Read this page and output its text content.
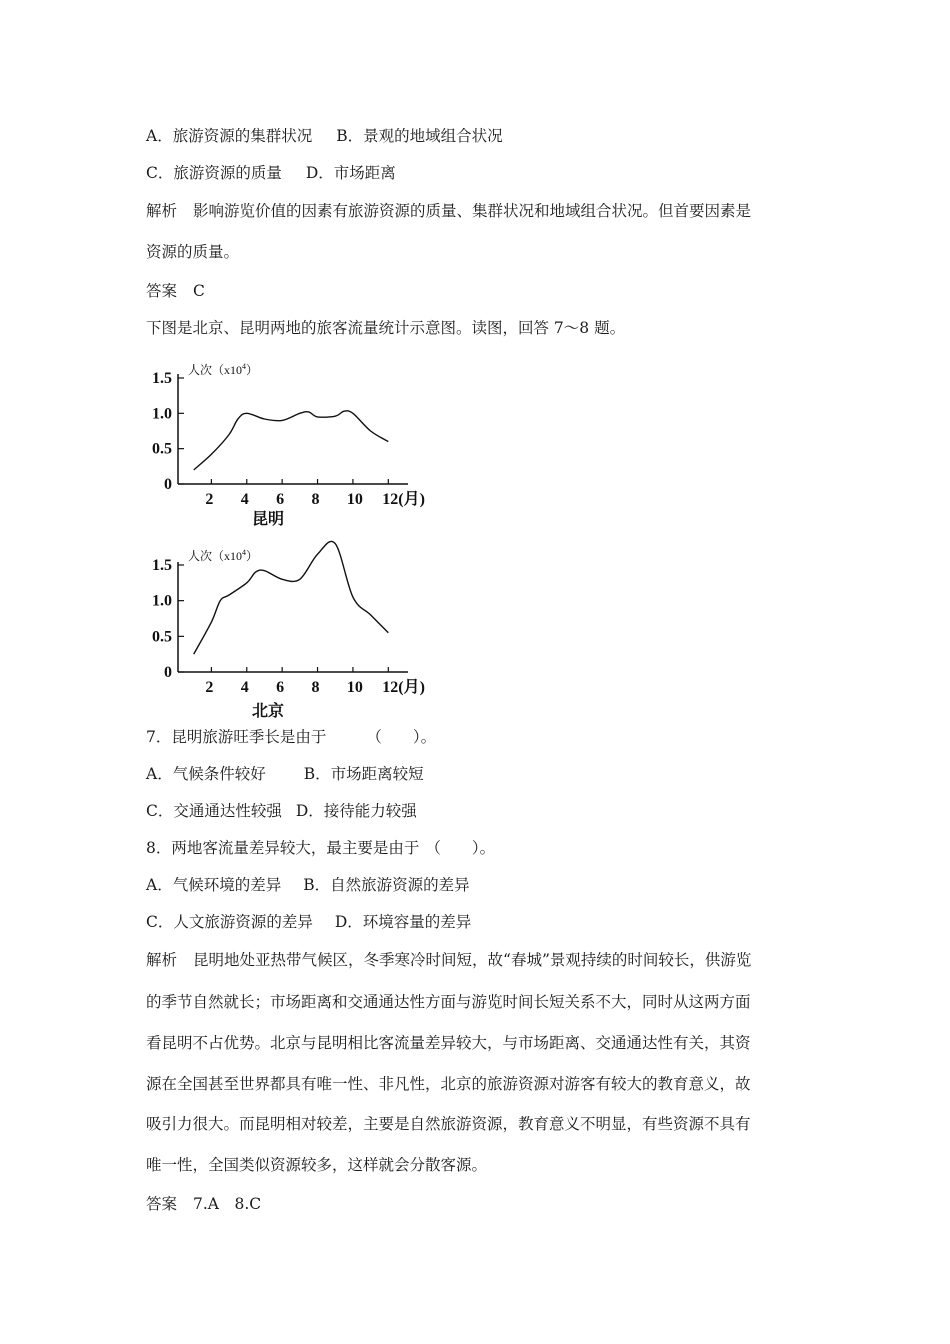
A．旅游资源的集群状况 B．景观的地域组合状况
C．旅游资源的质量 D．市场距离
解析 影响游览价值的因素有旅游资源的质量、集群状况和地域组合状况。但首要因素是
资源的质量。
答案 C
下图是北京、昆明两地的旅客流量统计示意图。读图，回答 7～8 题。
人次$(x10^4)$
0
0.5
1.0
1.5
2 4 6 8 10 12(月)
昆明
人次$(x10^4)$
0
0.5
1.0
1.5
2 4 6 8 10 12(月)
北京
7．昆明旅游旺季长是由于	（　　）。
A．气候条件较好 B．市场距离较短
C．交通通达性较强 D．接待能力较强
8．两地客流量差异较大，最主要是由于 （　　）。
A．气候环境的差异 B．自然旅游资源的差异
C．人文旅游资源的差异 D．环境容量的差异
解析 昆明地处亚热带气候区，冬季寒冷时间短，故“春城”景观持续的时间较长，供游览
的季节自然就长；市场距离和交通通达性方面与游览时间长短关系不大，同时从这两方面
看昆明不占优势。北京与昆明相比客流量差异较大，与市场距离、交通通达性有关，其资
源在全国甚至世界都具有唯一性、非凡性，北京的旅游资源对游客有较大的教育意义，故
吸引力很大。而昆明相对较差，主要是自然旅游资源，教育意义不明显，有些资源不具有
唯一性，全国类似资源较多，这样就会分散客源。
答案 7.A　8.C
